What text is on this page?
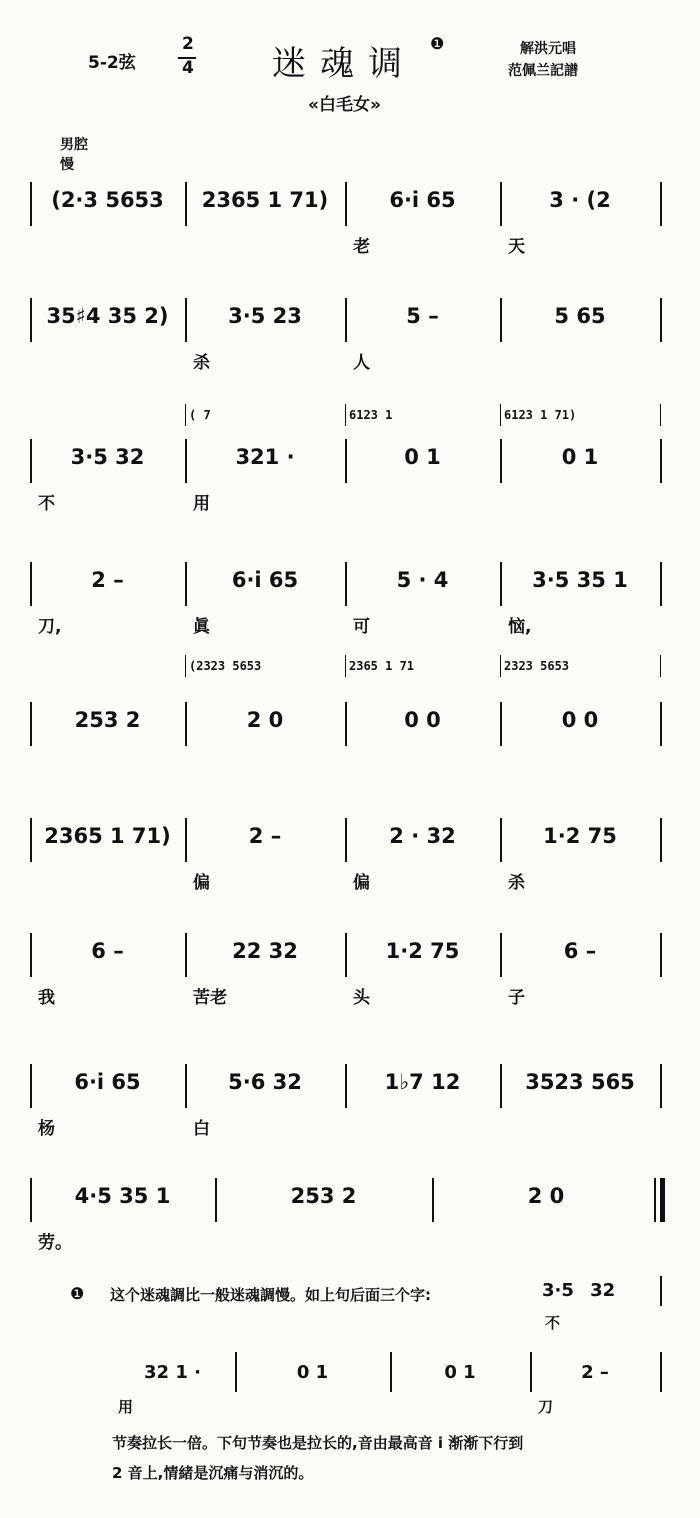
5-2弦
2
4 迷魂调
❶	解洪元唱
范佩兰記譜
«白毛女»
男腔
慢
(2·3 5653	2365 1 71)	6·i 65	3 · (2
老	天
35♯4 35 2)	3·5 23	5 –	5 65
杀	人
3·5 32	321 ·	0 1	0 1
不	用
( 7	6123 1	6123 1 71)
2 –	6·i 65	5 · 4	3·5 35 1
刀,	眞	可	恼,
253 2	2 0	0 0	0 0
(2323 5653	2365 1 71	2323 5653
2365 1 71)	2 –	2 · 32	1·2 75
偏	偏	杀
6 –	22 32	1·2 75	6 –
我	苦老	头	子
6·i 65	5·6 32	1♭7 12	3523 565
杨	白
4·5 35 1	253 2	2 0
劳。
❶ 这个迷魂調比一般迷魂調慢。如上句后面三个字:	3·5 32
不
32 1 ·	0 1	0 1	2 –
用	刀
节奏拉长一倍。下句节奏也是拉长的,音由最高音 i 渐渐下行到
2 音上,情緒是沉痛与消沉的。
